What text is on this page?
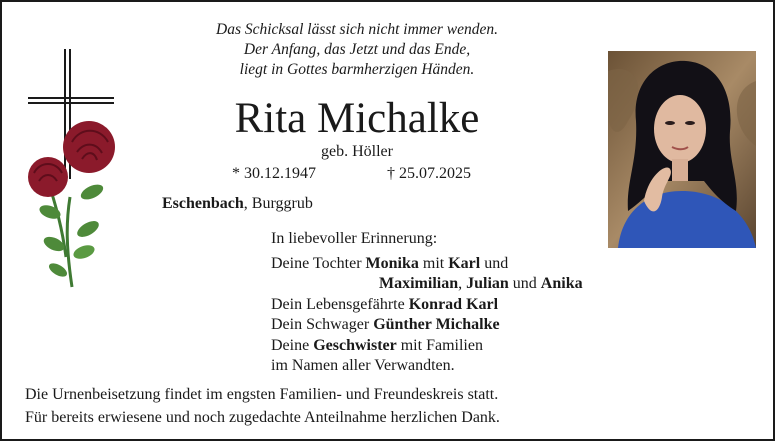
Das Schicksal lässt sich nicht immer wenden.
Der Anfang, das Jetzt und das Ende,
liegt in Gottes barmherzigen Händen.
Rita Michalke
geb. Höller
* 30.12.1947	† 25.07.2025
Eschenbach, Burggrub
In liebevoller Erinnerung:
Deine Tochter Monika mit Karl und
Maximilian, Julian und Anika
Dein Lebensgefährte Konrad Karl
Dein Schwager Günther Michalke
Deine Geschwister mit Familien
im Namen aller Verwandten.
Die Urnenbeisetzung findet im engsten Familien- und Freundeskreis statt.
Für bereits erwiesene und noch zugedachte Anteilnahme herzlichen Dank.
